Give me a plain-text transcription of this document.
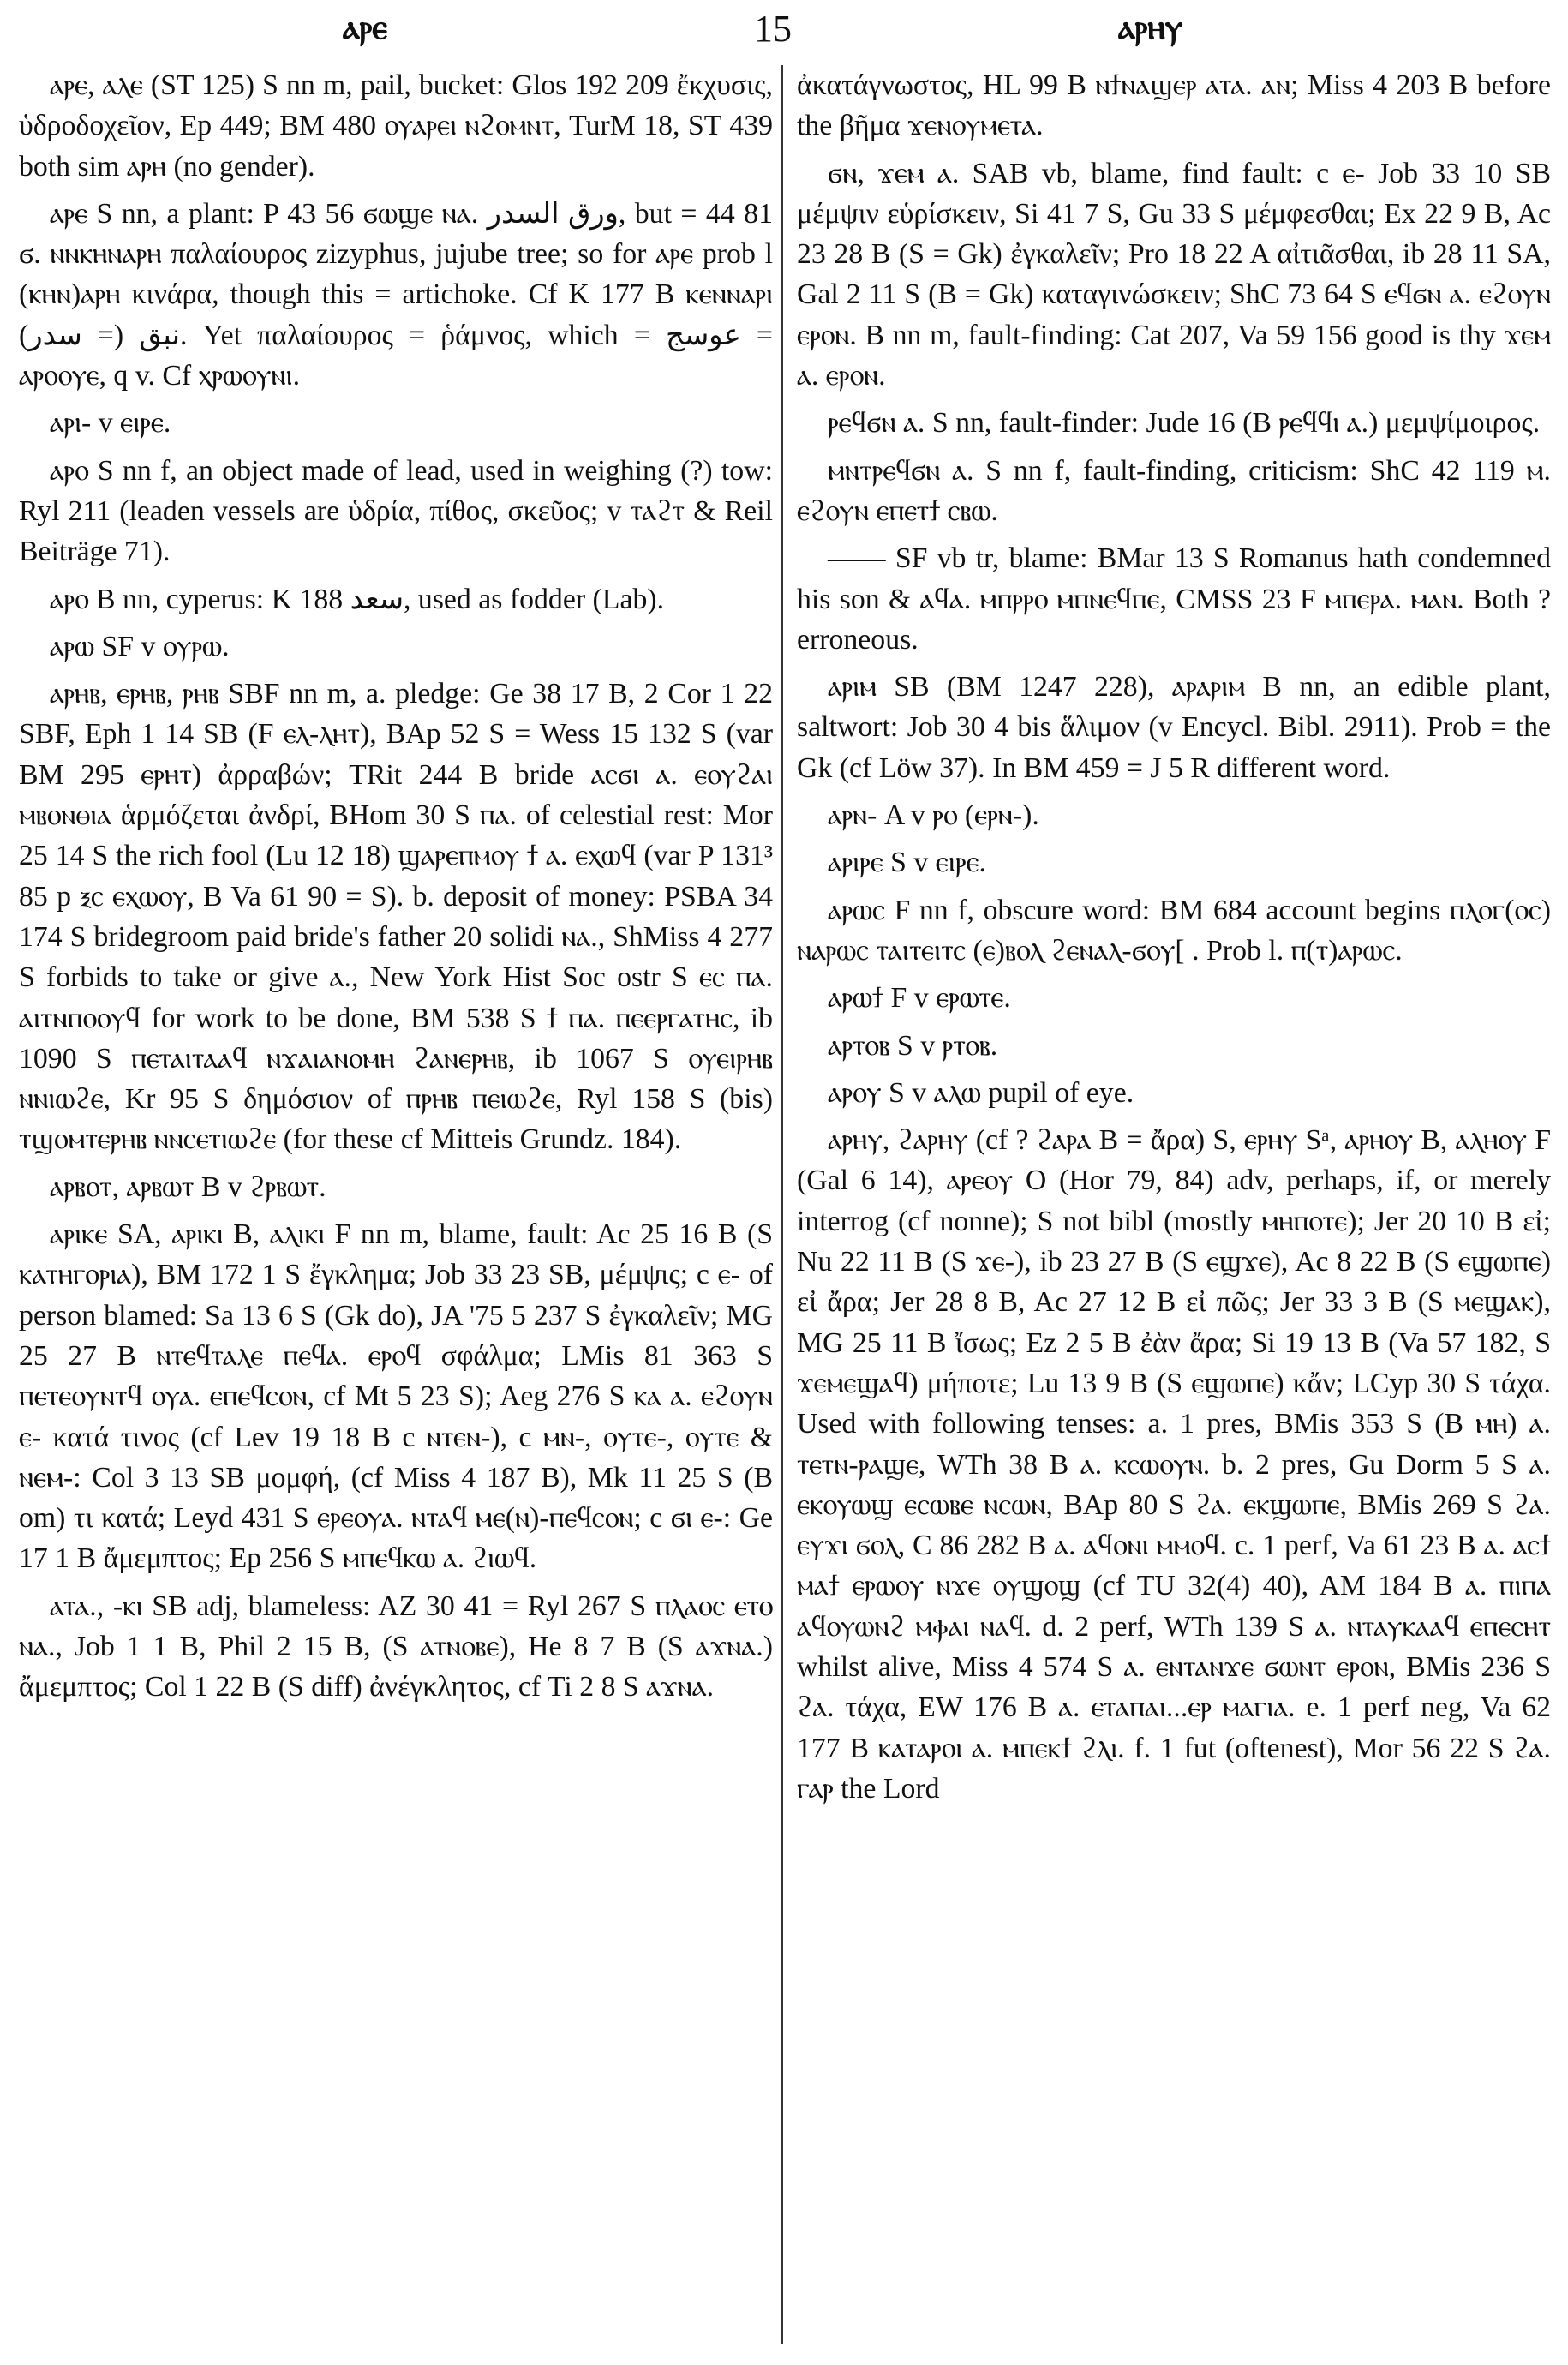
ⲁⲣⲉ	15	ⲁⲣⲏⲩ

ⲁⲣⲉ, ⲁⲗⲉ (ST 125) S nn m, pail, bucket: Glos 192 209 ἔκχυσις, ὑδροδοχεῖον, Ep 449; BM 480 ⲟⲩⲁⲣⲉⲓ ⲛϩⲟⲙⲛⲧ, TurM 18, ST 439 both sim ⲁⲣⲏ (no gender).

ⲁⲣⲉ S nn, a plant: P 43 56 ϭⲱϣⲉ ⲛⲁ. ورق السدر, but = 44 81 ϭ. ⲛⲛⲕⲏⲛⲁⲣⲏ παλαίουρος zizyphus, jujube tree; so for ⲁⲣⲉ prob l (ⲕⲏⲛ)ⲁⲣⲏ κινάρα, though this = artichoke. Cf K 177 B ⲕⲉⲛⲛⲁⲣⲓ نبق (= سدر). Yet παλαίουρος = ῥάμνος, which = عوسج = ⲁⲣⲟⲟⲩⲉ, q v. Cf ⲭⲣⲱⲟⲩⲛⲓ.

ⲁⲣⲓ- v ⲉⲓⲣⲉ.

ⲁⲣⲟ S nn f, an object made of lead, used in weighing (?) tow: Ryl 211 (leaden vessels are ὑδρία, πίθος, σκεῦος; v ⲧⲁϩⲧ & Reil Beiträge 71).

ⲁⲣⲟ B nn, cyperus: K 188 سعد, used as fodder (Lab).

ⲁⲣⲱ SF v ⲟⲩⲣⲱ.

ⲁⲣⲏⲃ, ⲉⲣⲏⲃ, ⲣⲏⲃ SBF nn m, a. pledge: Ge 38 17 B, 2 Cor 1 22 SBF, Eph 1 14 SB (F ⲉⲗ-ⲗⲏⲧ), BAp 52 S = Wess 15 132 S (var BM 295 ⲉⲣⲏⲧ) ἀρραβών; TRit 244 B bride ⲁⲥϭⲓ ⲁ. ⲉⲟⲩϩⲁⲓ ⲙⲃⲟⲛⲑⲓⲁ ἁρμόζεται ἀνδρί, BHom 30 S ⲡⲁ. of celestial rest: Mor 25 14 S the rich fool (Lu 12 18) ϣⲁⲣⲉⲡⲙⲟⲩ ϯ ⲁ. ⲉⲭⲱϥ (var P 131³ 85 p ⲝⲥ ⲉⲭⲱⲟⲩ, B Va 61 90 = S). b. deposit of money: PSBA 34 174 S bridegroom paid bride's father 20 solidi ⲛⲁ., ShMiss 4 277 S forbids to take or give ⲁ., New York Hist Soc ostr S ⲉⲥ ⲡⲁ. ⲁⲓⲧⲛⲡⲟⲟⲩϥ for work to be done, BM 538 S ϯ ⲡⲁ. ⲡⲉⲉⲣⲅⲁⲧⲏⲥ, ib 1090 S ⲡⲉⲧⲁⲓⲧⲁⲁϥ ⲛϫⲁⲓⲁⲛⲟⲙⲏ ϩⲁⲛⲉⲣⲏⲃ, ib 1067 S ⲟⲩⲉⲓⲣⲏⲃ ⲛⲛⲓⲱϩⲉ, Kr 95 S δημόσιον of ⲡⲣⲏⲃ ⲡⲉⲓⲱϩⲉ, Ryl 158 S (bis) ⲧϣⲟⲙⲧⲉⲣⲏⲃ ⲛⲛⲥⲉⲧⲓⲱϩⲉ (for these cf Mitteis Grundz. 184).

ⲁⲣⲃⲟⲧ, ⲁⲣⲃⲱⲧ B v ϩⲣⲃⲱⲧ.

ⲁⲣⲓⲕⲉ SA, ⲁⲣⲓⲕⲓ B, ⲁⲗⲓⲕⲓ F nn m, blame, fault: Ac 25 16 B (S ⲕⲁⲧⲏⲅⲟⲣⲓⲁ), BM 172 1 S ἔγκλημα; Job 33 23 SB, μέμψις; c ⲉ- of person blamed: Sa 13 6 S (Gk do), JA '75 5 237 S ἐγκαλεῖν; MG 25 27 B ⲛⲧⲉϥⲧⲁⲗⲉ ⲡⲉϥⲁ. ⲉⲣⲟϥ σφάλμα; LMis 81 363 S ⲡⲉⲧⲉⲟⲩⲛⲧϥ ⲟⲩⲁ. ⲉⲡⲉϥⲥⲟⲛ, cf Mt 5 23 S); Aeg 276 S ⲕⲁ ⲁ. ⲉϩⲟⲩⲛ ⲉ- κατά τινος (cf Lev 19 18 B c ⲛⲧⲉⲛ-), c ⲙⲛ-, ⲟⲩⲧⲉ-, ⲟⲩⲧⲉ & ⲛⲉⲙ-: Col 3 13 SB μομφή, (cf Miss 4 187 B), Mk 11 25 S (B om) τι κατά; Leyd 431 S ⲉⲣⲉⲟⲩⲁ. ⲛⲧⲁϥ ⲙⲉ(ⲛ)-ⲡⲉϥⲥⲟⲛ; c ϭⲓ ⲉ-: Ge 17 1 B ἄμεμπτος; Ep 256 S ⲙⲡⲉϥⲕⲱ ⲁ. ϩⲓⲱϥ.

ⲁⲧⲁ., -ⲕⲓ SB adj, blameless: AZ 30 41 = Ryl 267 S ⲡⲗⲁⲟⲥ ⲉⲧⲟ ⲛⲁ., Job 1 1 B, Phil 2 15 B, (S ⲁⲧⲛⲟⲃⲉ), He 8 7 B (S ⲁϫⲛⲁ.) ἄμεμπτος; Col 1 22 B (S diff) ἀνέγκλητος, cf Ti 2 8 S ⲁϫⲛⲁ.

ἀκατάγνωστος, HL 99 B ⲛϯⲛⲁϣⲉⲣ ⲁⲧⲁ. ⲁⲛ; Miss 4 203 B before the βῆμα ϫⲉⲛⲟⲩⲙⲉⲧⲁ.

ϭⲛ, ϫⲉⲙ ⲁ. SAB vb, blame, find fault: c ⲉ- Job 33 10 SB μέμψιν εὑρίσκειν, Si 41 7 S, Gu 33 S μέμφεσθαι; Ex 22 9 B, Ac 23 28 B (S = Gk) ἐγκαλεῖν; Pro 18 22 A αἰτιᾶσθαι, ib 28 11 SA, Gal 2 11 S (B = Gk) καταγινώσκειν; ShC 73 64 S ⲉϥϭⲛ ⲁ. ⲉϩⲟⲩⲛ ⲉⲣⲟⲛ. B nn m, fault-finding: Cat 207, Va 59 156 good is thy ϫⲉⲙ ⲁ. ⲉⲣⲟⲛ.

ⲣⲉϥϭⲛ ⲁ. S nn, fault-finder: Jude 16 (B ⲣⲉϥϥⲓ ⲁ.) μεμψίμοιρος.

ⲙⲛⲧⲣⲉϥϭⲛ ⲁ. S nn f, fault-finding, criticism: ShC 42 119 ⲙ. ⲉϩⲟⲩⲛ ⲉⲡⲉⲧϯ ⲥⲃⲱ.

—— SF vb tr, blame: BMar 13 S Romanus hath condemned his son & ⲁϥⲁ. ⲙⲡⲣⲣⲟ ⲙⲡⲛⲉϥⲡⲉ, CMSS 23 F ⲙⲡⲉⲣⲁ. ⲙⲁⲛ. Both ? erroneous.

ⲁⲣⲓⲙ SB (BM 1247 228), ⲁⲣⲁⲣⲓⲙ B nn, an edible plant, saltwort: Job 30 4 bis ἅλιμον (v Encycl. Bibl. 2911). Prob = the Gk (cf Löw 37). In BM 459 = J 5 R different word.

ⲁⲣⲛ- A v ⲣⲟ (ⲉⲣⲛ-).

ⲁⲣⲓⲣⲉ S v ⲉⲓⲣⲉ.

ⲁⲣⲱⲥ F nn f, obscure word: BM 684 account begins ⲡⲗⲟⲅ(ⲟⲥ) ⲛⲁⲣⲱⲥ ⲧⲁⲓⲧⲉⲓⲧⲥ (ⲉ)ⲃⲟⲗ ϩⲉⲛⲁⲗ-ϭⲟⲩ[ . Prob l. ⲡ(ⲧ)ⲁⲣⲱⲥ.

ⲁⲣⲱϯ F v ⲉⲣⲱⲧⲉ.

ⲁⲣⲧⲟⲃ S v ⲣⲧⲟⲃ.

ⲁⲣⲟⲩ S v ⲁⲗⲱ pupil of eye.

ⲁⲣⲏⲩ, ϩⲁⲣⲏⲩ (cf ? ϩⲁⲣⲁ B = ἄρα) S, ⲉⲣⲏⲩ Sᵃ, ⲁⲣⲏⲟⲩ B, ⲁⲗⲏⲟⲩ F (Gal 6 14), ⲁⲣⲉⲟⲩ O (Hor 79, 84) adv, perhaps, if, or merely interrog (cf nonne); S not bibl (mostly ⲙⲏⲡⲟⲧⲉ); Jer 20 10 B εἰ; Nu 22 11 B (S ϫⲉ-), ib 23 27 B (S ⲉϣϫⲉ), Ac 8 22 B (S ⲉϣⲱⲡⲉ) εἰ ἄρα; Jer 28 8 B, Ac 27 12 B εἰ πῶς; Jer 33 3 B (S ⲙⲉϣⲁⲕ), MG 25 11 B ἴσως; Ez 2 5 B ἐὰν ἄρα; Si 19 13 B (Va 57 182, S ϫⲉⲙⲉϣⲁϥ) μήποτε; Lu 13 9 B (S ⲉϣⲱⲡⲉ) κἄν; LCyp 30 S τάχα. Used with following tenses: a. 1 pres, BMis 353 S (B ⲙⲏ) ⲁ. ⲧⲉⲧⲛ-ⲣⲁϣⲉ, WTh 38 B ⲁ. ⲕⲥⲱⲟⲩⲛ. b. 2 pres, Gu Dorm 5 S ⲁ. ⲉⲕⲟⲩⲱϣ ⲉⲥⲱⲃⲉ ⲛⲥⲱⲛ, BAp 80 S ϩⲁ. ⲉⲕϣⲱⲡⲉ, BMis 269 S ϩⲁ. ⲉⲩϫⲓ ϭⲟⲗ, C 86 282 B ⲁ. ⲁϥⲟⲛⲓ ⲙⲙⲟϥ. c. 1 perf, Va 61 23 B ⲁ. ⲁⲥϯ ⲙⲁϯ ⲉⲣⲱⲟⲩ ⲛϫⲉ ⲟⲩϣⲟϣ (cf TU 32(4) 40), AM 184 B ⲁ. ⲡⲓⲡⲁ ⲁϥⲟⲩⲱⲛϩ ⲙⲫⲁⲓ ⲛⲁϥ. d. 2 perf, WTh 139 S ⲁ. ⲛⲧⲁⲩⲕⲁⲁϥ ⲉⲡⲉⲥⲏⲧ whilst alive, Miss 4 574 S ⲁ. ⲉⲛⲧⲁⲛϫⲉ ϭⲱⲛⲧ ⲉⲣⲟⲛ, BMis 236 S ϩⲁ. τάχα, EW 176 B ⲁ. ⲉⲧⲁⲡⲁⲓ...ⲉⲣ ⲙⲁⲅⲓⲁ. e. 1 perf neg, Va 62 177 B ⲕⲁⲧⲁⲣⲟⲓ ⲁ. ⲙⲡⲉⲕϯ ϩⲗⲓ. f. 1 fut (oftenest), Mor 56 22 S ϩⲁ. ⲅⲁⲣ the Lord
